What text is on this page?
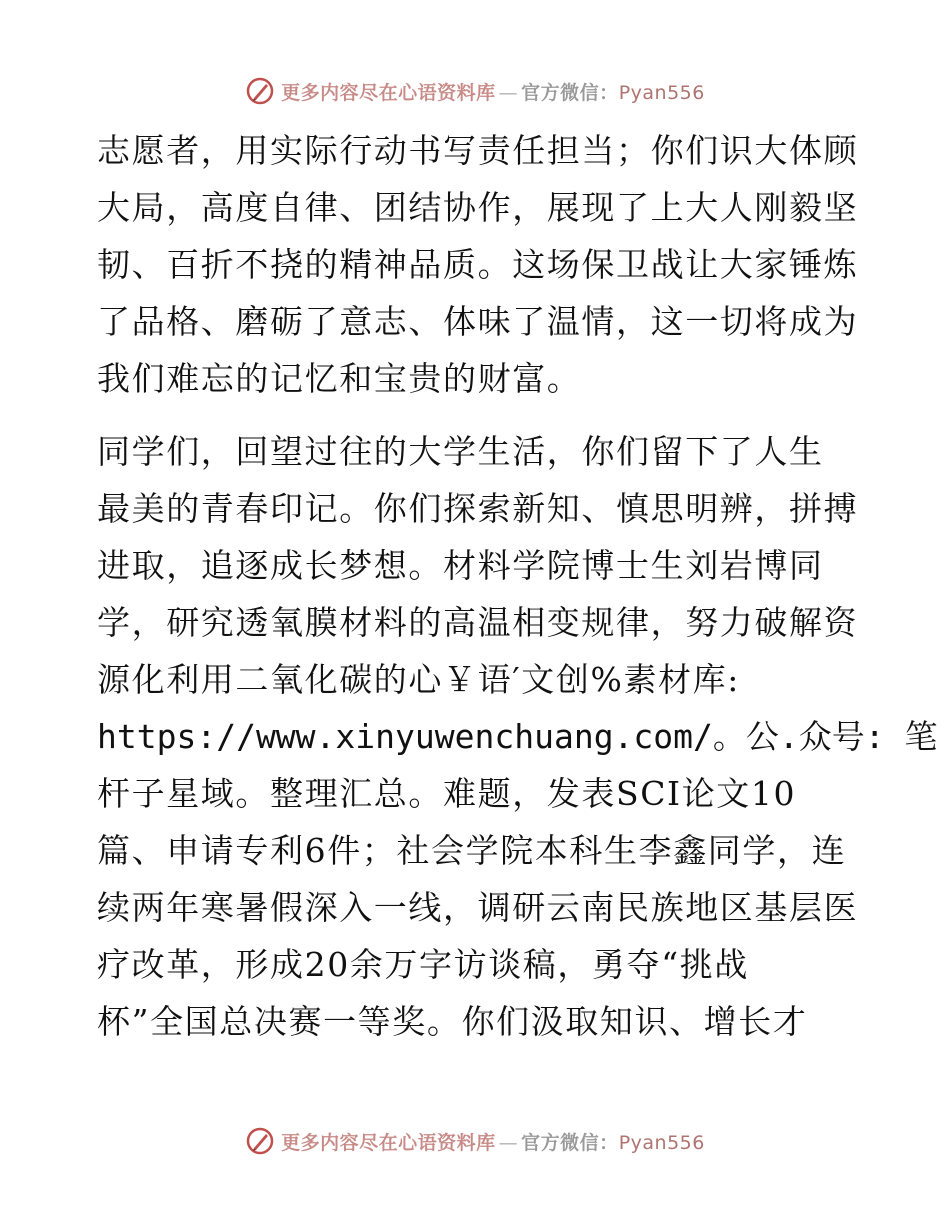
更多内容尽在心语资料库 — 官方微信：Pyan556
志愿者，用实际行动书写责任担当；你们识大体顾
大局，高度自律、团结协作，展现了上大人刚毅坚
韧、百折不挠的精神品质。这场保卫战让大家锤炼
了品格、磨砺了意志、体味了温情，这一切将成为
我们难忘的记忆和宝贵的财富。
同学们，回望过往的大学生活，你们留下了人生
最美的青春印记。你们探索新知、慎思明辨，拼搏
进取，追逐成长梦想。材料学院博士生刘岩博同
学，研究透氧膜材料的高温相变规律，努力破解资
源化利用二氧化碳的心￥语′文创%素材库:
https://www.xinyuwenchuang.com/。公.众号: 笔
杆子星域。整理汇总。难题，发表SCI论文10
篇、申请专利6件；社会学院本科生李鑫同学，连
续两年寒暑假深入一线，调研云南民族地区基层医
疗改革，形成20余万字访谈稿，勇夺“挑战
杯”全国总决赛一等奖。你们汲取知识、增长才
更多内容尽在心语资料库 — 官方微信：Pyan556
